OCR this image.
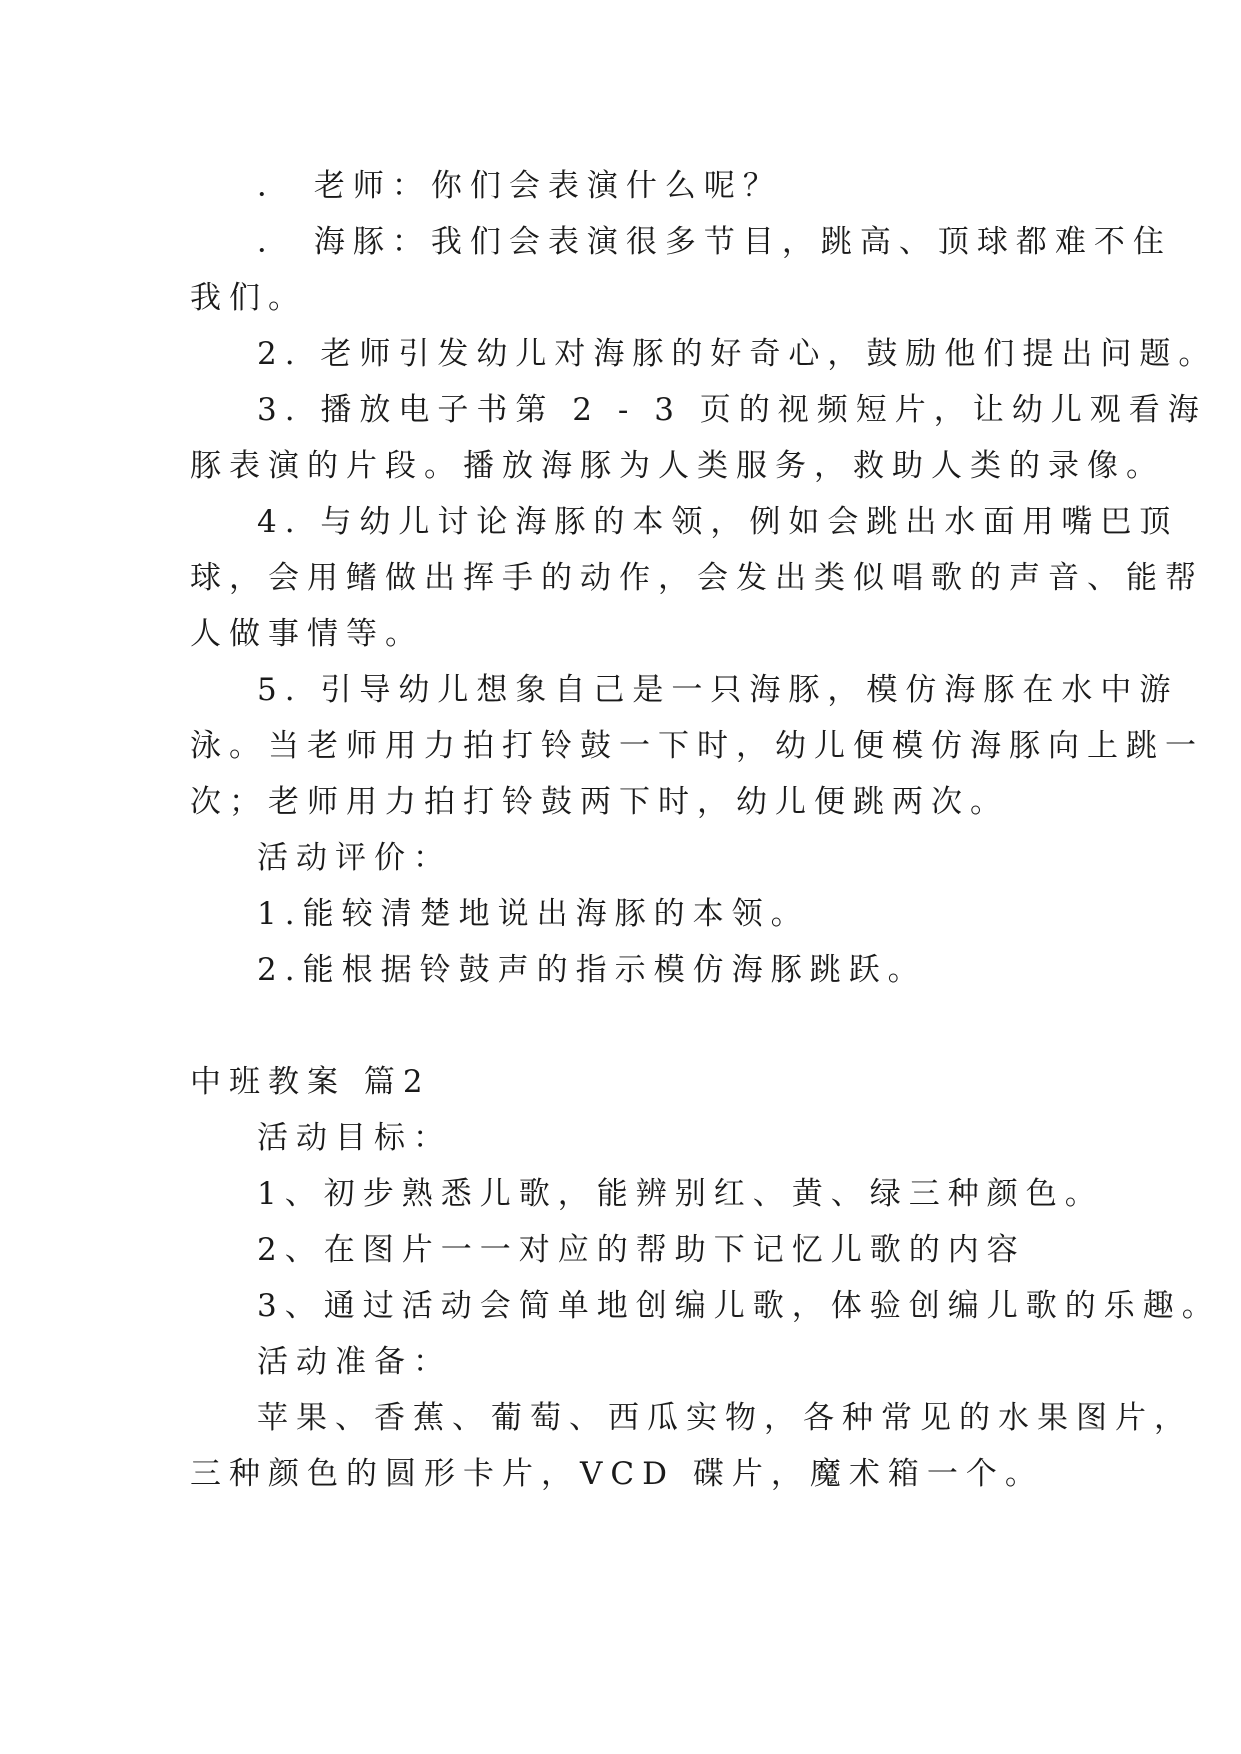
． 老师：你们会表演什么呢？
． 海豚：我们会表演很多节目，跳高、顶球都难不住
我们。
2. 老师引发幼儿对海豚的好奇心，鼓励他们提出问题。
3. 播放电子书第 2 - 3 页的视频短片，让幼儿观看海
豚表演的片段。播放海豚为人类服务，救助人类的录像。
4. 与幼儿讨论海豚的本领，例如会跳出水面用嘴巴顶
球，会用鳍做出挥手的动作，会发出类似唱歌的声音、能帮
人做事情等。
5. 引导幼儿想象自己是一只海豚，模仿海豚在水中游
泳。当老师用力拍打铃鼓一下时，幼儿便模仿海豚向上跳一
次；老师用力拍打铃鼓两下时，幼儿便跳两次。
活动评价：
1.能较清楚地说出海豚的本领。
2.能根据铃鼓声的指示模仿海豚跳跃。
中班教案 篇2
活动目标：
1、初步熟悉儿歌，能辨别红、黄、绿三种颜色。
2、在图片一一对应的帮助下记忆儿歌的内容
3、通过活动会简单地创编儿歌，体验创编儿歌的乐趣。
活动准备：
苹果、香蕉、葡萄、西瓜实物，各种常见的水果图片，
三种颜色的圆形卡片，VCD 碟片，魔术箱一个。
